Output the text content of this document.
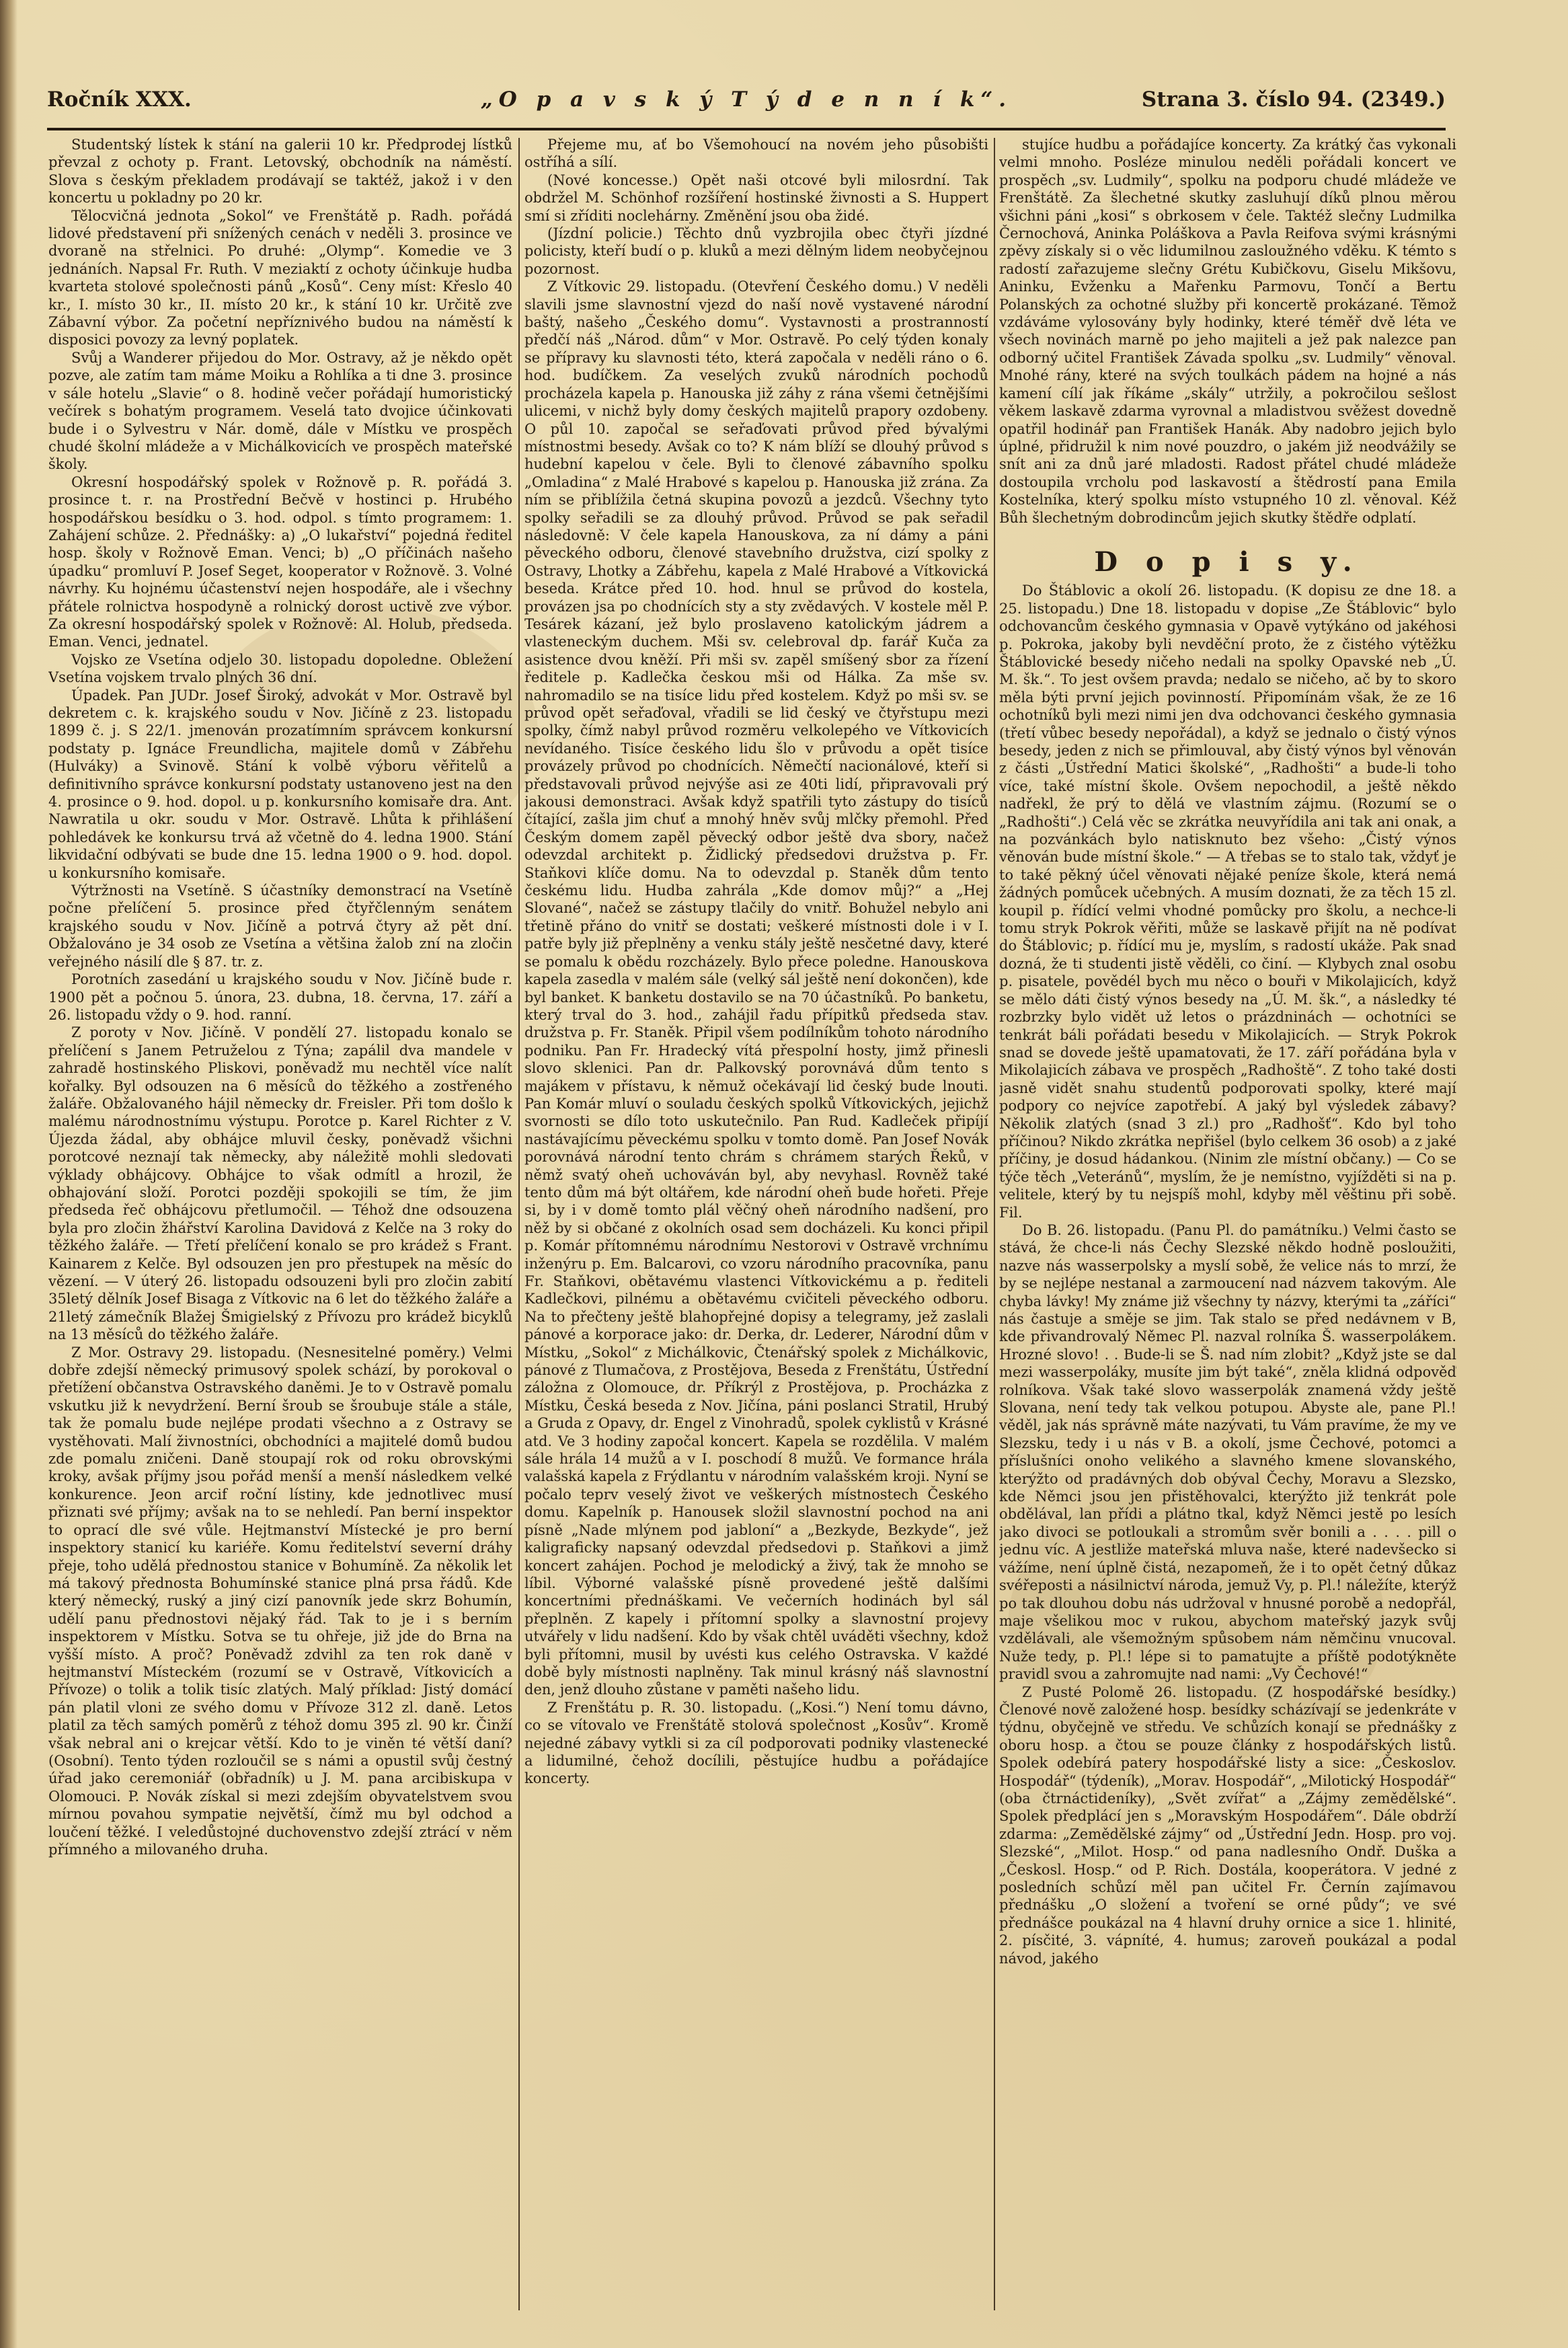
Ročník XXX.	„O p a v s k ý T ý d e n n í k“.	Strana 3. číslo 94. (2349.)

Studentský lístek k stání na galerii 10 kr. Předprodej lístků převzal z ochoty p. Frant. Letovský, obchodník na náměstí. Slova s českým překladem prodávají se taktéž, jakož i v den koncertu u pokladny po 20 kr.

Tělocvičná jednota „Sokol“ ve Frenštátě p. Radh. pořádá lidové představení při snížených cenách v neděli 3. prosince ve dvoraně na střelnici. Po druhé: „Olymp“. Komedie ve 3 jednáních. Napsal Fr. Ruth. V meziaktí z ochoty účinkuje hudba kvarteta stolové společnosti pánů „Kosů“. Ceny míst: Křeslo 40 kr., I. místo 30 kr., II. místo 20 kr., k stání 10 kr. Určitě zve Zábavní výbor. Za početní nepříznivého budou na náměstí k disposici povozy za levný poplatek.

Svůj a Wanderer přijedou do Mor. Ostravy, až je někdo opět pozve, ale zatím tam máme Moiku a Rohlíka a ti dne 3. prosince v sále hotelu „Slavie“ o 8. hodině večer pořádají humoristický večírek s bohatým programem. Veselá tato dvojice účinkovati bude i o Sylvestru v Nár. domě, dále v Místku ve prospěch chudé školní mládeže a v Michálkovicích ve prospěch mateřské školy.

Okresní hospodářský spolek v Rožnově p. R. pořádá 3. prosince t. r. na Prostřední Bečvě v hostinci p. Hrubého hospodářskou besídku o 3. hod. odpol. s tímto programem: 1. Zahájení schůze. 2. Přednášky: a) „O lukařství“ pojedná ředitel hosp. školy v Rožnově Eman. Venci; b) „O příčinách našeho úpadku“ promluví P. Josef Seget, kooperator v Rožnově. 3. Volné návrhy. Ku hojnému účastenství nejen hospodáře, ale i všechny přátele rolnictva hospodyně a rolnický dorost uctivě zve výbor. Za okresní hospodářský spolek v Rožnově: Al. Holub, předseda. Eman. Venci, jednatel.

Vojsko ze Vsetína odjelo 30. listopadu dopoledne. Obležení Vsetína vojskem trvalo plných 36 dní.

Úpadek. Pan JUDr. Josef Široký, advokát v Mor. Ostravě byl dekretem c. k. krajského soudu v Nov. Jičíně z 23. listopadu 1899 č. j. S 22/1. jmenován prozatímním správcem konkursní podstaty p. Ignáce Freundlicha, majitele domů v Zábřehu (Hulváky) a Svinově. Stání k volbě výboru věřitelů a definitivního správce konkursní podstaty ustanoveno jest na den 4. prosince o 9. hod. dopol. u p. konkursního komisaře dra. Ant. Nawratila u okr. soudu v Mor. Ostravě. Lhůta k přihlášení pohledávek ke konkursu trvá až včetně do 4. ledna 1900. Stání likvidační odbývati se bude dne 15. ledna 1900 o 9. hod. dopol. u konkursního komisaře.

Výtržnosti na Vsetíně. S účastníky demonstrací na Vsetíně počne přelíčení 5. prosince před čtyřčlenným senátem krajského soudu v Nov. Jičíně a potrvá čtyry až pět dní. Obžalováno je 34 osob ze Vsetína a většina žalob zní na zločin veřejného násilí dle § 87. tr. z.

Porotních zasedání u krajského soudu v Nov. Jičíně bude r. 1900 pět a počnou 5. února, 23. dubna, 18. června, 17. září a 26. listopadu vždy o 9. hod. ranní.

Z poroty v Nov. Jičíně. V pondělí 27. listopadu konalo se přelíčení s Janem Petruželou z Týna; zapálil dva mandele v zahradě hostinského Pliskovi, poněvadž mu nechtěl více nalít kořalky. Byl odsouzen na 6 měsíců do těžkého a zostřeného žaláře. Obžalovaného hájil německy dr. Freisler. Při tom došlo k malému národnostnímu výstupu. Porotce p. Karel Richter z V. Újezda žádal, aby obhájce mluvil česky, poněvadž všichni porotcové neznají tak německy, aby náležitě mohli sledovati výklady obhájcovy. Obhájce to však odmítl a hrozil, že obhajování složí. Porotci později spokojili se tím, že jim předseda řeč obhájcovu přetlumočil. — Téhož dne odsouzena byla pro zločin žhářství Karolina Davidová z Kelče na 3 roky do těžkého žaláře. — Třetí přelíčení konalo se pro krádež s Frant. Kainarem z Kelče. Byl odsouzen jen pro přestupek na měsíc do vězení. — V úterý 26. listopadu odsouzeni byli pro zločin zabití 35letý dělník Josef Bisaga z Vítkovic na 6 let do těžkého žaláře a 21letý zámečník Blažej Šmigielský z Přívozu pro krádež bicyklů na 13 měsíců do těžkého žaláře.

Z Mor. Ostravy 29. listopadu. (Nesnesitelné poměry.) Velmi dobře zdejší německý primusový spolek schází, by porokoval o přetížení občanstva Ostravského daněmi. Je to v Ostravě pomalu vskutku již k nevydržení. Berní šroub se šroubuje stále a stále, tak že pomalu bude nejlépe prodati všechno a z Ostravy se vystěhovati. Malí živnostníci, obchodníci a majitelé domů budou zde pomalu zničeni. Daně stoupají rok od roku obrovskými kroky, avšak příjmy jsou pořád menší a menší následkem velké konkurence. Jeon arcif roční lístiny, kde jednotlivec musí přiznati své příjmy; avšak na to se nehledí. Pan berní inspektor to oprací dle své vůle. Hejtmanství Místecké je pro berní inspektory stanicí ku kariéře. Komu ředitelství severní dráhy přeje, toho udělá přednostou stanice v Bohumíně. Za několik let má takový přednosta Bohumínské stanice plná prsa řádů. Kde který německý, ruský a jiný cizí panovník jede skrz Bohumín, udělí panu přednostovi nějaký řád. Tak to je i s berním inspektorem v Místku. Sotva se tu ohřeje, již jde do Brna na vyšší místo. A proč? Poněvadž zdvihl za ten rok daně v hejtmanství Místeckém (rozumí se v Ostravě, Vítkovicích a Přívoze) o tolik a tolik tisíc zlatých. Malý příklad: Jistý domácí pán platil vloni ze svého domu v Přívoze 312 zl. daně. Letos platil za těch samých poměrů z téhož domu 395 zl. 90 kr. Činží však nebral ani o krejcar větší. Kdo to je viněn té větší daní? (Osobní). Tento týden rozloučil se s námi a opustil svůj čestný úřad jako ceremoniář (obřadník) u J. M. pana arcibiskupa v Olomouci. P. Novák získal si mezi zdejším obyvatelstvem svou mírnou povahou sympatie největší, čímž mu byl odchod a loučení těžké. I veledůstojné duchovenstvo zdejší ztrácí v něm přímného a milovaného druha.

Přejeme mu, ať bo Všemohoucí na novém jeho působišti ostříhá a sílí.

(Nové koncesse.) Opět naši otcové byli milosrdní. Tak obdržel M. Schönhof rozšíření hostinské živnosti a S. Huppert smí si zříditi noclehárny. Změnění jsou oba židé.

(Jízdní policie.) Těchto dnů vyzbrojila obec čtyři jízdné policisty, kteří budí o p. kluků a mezi dělným lidem neobyčejnou pozornost.

Z Vítkovic 29. listopadu. (Otevření Českého domu.) V neděli slavili jsme slavnostní vjezd do naší nově vystavené národní baštý, našeho „Českého domu“. Vystavnosti a prostranností předčí náš „Národ. dům“ v Mor. Ostravě. Po celý týden konaly se přípravy ku slavnosti této, která započala v neděli ráno o 6. hod. budíčkem. Za veselých zvuků národních pochodů procházela kapela p. Hanouska již záhy z rána všemi četnějšími ulicemi, v nichž byly domy českých majitelů prapory ozdobeny. O půl 10. započal se seřaďovati průvod před bývalými místnostmi besedy. Avšak co to? K nám blíží se dlouhý průvod s hudební kapelou v čele. Byli to členové zábavního spolku „Omladina“ z Malé Hrabové s kapelou p. Hanouska již zrána. Za ním se přiblížila četná skupina povozů a jezdců. Všechny tyto spolky seřadili se za dlouhý průvod. Průvod se pak seřadil následovně: V čele kapela Hanouskova, za ní dámy a páni pěveckého odboru, členové stavebního družstva, cizí spolky z Ostravy, Lhotky a Zábřehu, kapela z Malé Hrabové a Vítkovická beseda. Krátce před 10. hod. hnul se průvod do kostela, provázen jsa po chodnících sty a sty zvědavých. V kostele měl P. Tesárek kázaní, jež bylo proslaveno katolickým jádrem a vlasteneckým duchem. Mši sv. celebroval dp. farář Kuča za asistence dvou kněží. Při mši sv. zapěl smíšený sbor za řízení ředitele p. Kadlečka českou mši od Hálka. Za mše sv. nahromadilo se na tisíce lidu před kostelem. Když po mši sv. se průvod opět seřaďoval, vřadili se lid český ve čtyřstupu mezi spolky, čímž nabyl průvod rozměru velkolepého ve Vítkovicích nevídaného. Tisíce českého lidu šlo v průvodu a opět tisíce provázely průvod po chodnících. Němečtí nacionálové, kteří si představovali průvod nejvýše asi ze 40ti lidí, připravovali prý jakousi demonstraci. Avšak když spatřili tyto zástupy do tisíců čítající, zašla jim chuť a mnohý hněv svůj mlčky přemohl. Před Českým domem zapěl pěvecký odbor ještě dva sbory, načež odevzdal architekt p. Židlický předsedovi družstva p. Fr. Staňkovi klíče domu. Na to odevzdal p. Staněk dům tento českému lidu. Hudba zahrála „Kde domov můj?“ a „Hej Slované“, načež se zástupy tlačily do vnitř. Bohužel nebylo ani třetině přáno do vnitř se dostati; veškeré místnosti dole i v I. patře byly již přeplněny a venku stály ještě nesčetné davy, které se pomalu k obědu rozcházely. Bylo přece poledne. Hanouskova kapela zasedla v malém sále (velký sál ještě není dokončen), kde byl banket. K banketu dostavilo se na 70 účastníků. Po banketu, který trval do 3. hod., zahájil řadu přípitků předseda stav. družstva p. Fr. Staněk. Připil všem podílníkům tohoto národního podniku. Pan Fr. Hradecký vítá přespolní hosty, jimž přinesli slovo sklenici. Pan dr. Palkovský porovnává dům tento s majákem v přístavu, k němuž očekávají lid český bude lnouti. Pan Komár mluví o souladu českých spolků Vítkovických, jejichž svornosti se dílo toto uskutečnilo. Pan Rud. Kadleček připíjí nastávajícímu pěveckému spolku v tomto domě. Pan Josef Novák porovnává národní tento chrám s chrámem starých Řeků, v němž svatý oheň uchováván byl, aby nevyhasl. Rovněž také tento dům má být oltářem, kde národní oheň bude hořeti. Přeje si, by i v domě tomto plál věčný oheň národního nadšení, pro něž by si občané z okolních osad sem docházeli. Ku konci připil p. Komár přítomnému národnímu Nestorovi v Ostravě vrchnímu inženýru p. Em. Balcarovi, co vzoru národního pracovníka, panu Fr. Staňkovi, obětavému vlastenci Vítkovickému a p. řediteli Kadlečkovi, pilnému a obětavému cvičiteli pěveckého odboru. Na to přečteny ještě blahopřejné dopisy a telegramy, jež zaslali pánové a korporace jako: dr. Derka, dr. Lederer, Národní dům v Místku, „Sokol“ z Michálkovic, Čtenářský spolek z Michálkovic, pánové z Tlumačova, z Prostějova, Beseda z Frenštátu, Ústřední záložna z Olomouce, dr. Příkrýl z Prostějova, p. Procházka z Místku, Česká beseda z Nov. Jičína, páni poslanci Stratil, Hrubý a Gruda z Opavy, dr. Engel z Vinohradů, spolek cyklistů v Krásné atd. Ve 3 hodiny započal koncert. Kapela se rozdělila. V malém sále hrála 14 mužů a v I. poschodí 8 mužů. Ve formance hrála valašská kapela z Frýdlantu v národním valašském kroji. Nyní se počalo teprv veselý život ve veškerých místnostech Českého domu. Kapelník p. Hanousek složil slavnostní pochod na ani písně „Nade mlýnem pod jabloní“ a „Bezkyde, Bezkyde“, jež kaligraficky napsaný odevzdal předsedovi p. Staňkovi a jimž koncert zahájen. Pochod je melodický a živý, tak že mnoho se líbil. Výborné valašské písně provedené ještě dalšími koncertními přednáškami. Ve večerních hodinách byl sál přeplněn. Z kapely i přítomní spolky a slavnostní projevy utvářely v lidu nadšení. Kdo by však chtěl uváděti všechny, kdož byli přítomni, musil by uvésti kus celého Ostravska. V každé době byly místnosti naplněny. Tak minul krásný náš slavnostní den, jenž dlouho zůstane v paměti našeho lidu.

Z Frenštátu p. R. 30. listopadu. („Kosi.“) Není tomu dávno, co se vítovalo ve Frenštátě stolová společnost „Kosův“. Kromě nejedné zábavy vytkli si za cíl podporovati podniky vlastenecké a lidumilné, čehož docílili, pěstujíce hudbu a pořádajíce koncerty.

stujíce hudbu a pořádajíce koncerty. Za krátký čas vykonali velmi mnoho. Posléze minulou neděli pořádali koncert ve prospěch „sv. Ludmily“, spolku na podporu chudé mládeže ve Frenštátě. Za šlechetné skutky zasluhují díků plnou měrou všichni páni „kosi“ s obrkosem v čele. Taktéž slečny Ludmilka Černochová, Aninka Poláškova a Pavla Reifova svými krásnými zpěvy získaly si o věc lidumilnou zasloužného vděku. K témto s radostí zařazujeme slečny Grétu Kubičkovu, Giselu Mikšovu, Aninku, Evženku a Mařenku Parmovu, Tončí a Bertu Polanských za ochotné služby při koncertě prokázané. Těmož vzdáváme vylosovány byly hodinky, které téměř dvě léta ve všech novinách marně po jeho majiteli a jež pak nalezce pan odborný učitel František Závada spolku „sv. Ludmily“ věnoval. Mnohé rány, které na svých toulkách pádem na hojné a nás kamení cílí jak říkáme „skály“ utržily, a pokročilou sešlost věkem laskavě zdarma vyrovnal a mladistvou svěžest dovedně opatřil hodinář pan František Hanák. Aby nadobro jejich bylo úplné, přidružil k nim nové pouzdro, o jakém již neodvážily se snít ani za dnů jaré mladosti. Radost přátel chudé mládeže dostoupila vrcholu pod laskavostí a štědrostí pana Emila Kostelníka, který spolku místo vstupného 10 zl. věnoval. Kéž Bůh šlechetným dobrodincům jejich skutky štědře odplatí.

D o p i s y.

Do Štáblovic a okolí 26. listopadu. (K dopisu ze dne 18. a 25. listopadu.) Dne 18. listopadu v dopise „Ze Štáblovic“ bylo odchovancům českého gymnasia v Opavě vytýkáno od jakéhosi p. Pokroka, jakoby byli nevděční proto, že z čistého výtěžku Štáblovické besedy ničeho nedali na spolky Opavské neb „Ú. M. šk.“. To jest ovšem pravda; nedalo se ničeho, ač by to skoro měla býti první jejich povinností. Připomínám však, že ze 16 ochotníků byli mezi nimi jen dva odchovanci českého gymnasia (třetí vůbec besedy nepořádal), a když se jednalo o čistý výnos besedy, jeden z nich se přimlouval, aby čistý výnos byl věnován z části „Ústřední Matici školské“, „Radhošti“ a bude-li toho více, také místní škole. Ovšem nepochodil, a ještě někdo nadřekl, že prý to dělá ve vlastním zájmu. (Rozumí se o „Radhošti“.) Celá věc se zkrátka neuvyřídila ani tak ani onak, a na pozvánkách bylo natisknuto bez všeho: „Čistý výnos věnován bude místní škole.“ — A třebas se to stalo tak, vždyť je to také pěkný účel věnovati nějaké peníze škole, která nemá žádných pomůcek učebných. A musím doznati, že za těch 15 zl. koupil p. řídící velmi vhodné pomůcky pro školu, a nechce-li tomu stryk Pokrok věřiti, může se laskavě přijít na ně podívat do Štáblovic; p. řídící mu je, myslím, s radostí ukáže. Pak snad dozná, že ti studenti jistě věděli, co činí. — Klybych znal osobu p. pisatele, povědél bych mu něco o bouři v Mikolajicích, když se mělo dáti čistý výnos besedy na „Ú. M. šk.“, a následky té rozbrzky bylo vidět už letos o prázdninách — ochotníci se tenkrát báli pořádati besedu v Mikolajicích. — Stryk Pokrok snad se dovede ještě upamatovati, že 17. září pořádána byla v Mikolajicích zábava ve prospěch „Radhoště“. Z toho také dosti jasně vidět snahu studentů podporovati spolky, které mají podpory co nejvíce zapotřebí. A jaký byl výsledek zábavy? Několik zlatých (snad 3 zl.) pro „Radhošť“. Kdo byl toho příčinou? Nikdo zkrátka nepřišel (bylo celkem 36 osob) a z jaké příčiny, je dosud hádankou. (Ninim zle místní občany.) — Co se týče těch „Veteránů“, myslím, že je nemístno, vyjížděti si na p. velitele, který by tu nejspíš mohl, kdyby měl věštinu při sobě. Fil.

Do B. 26. listopadu. (Panu Pl. do památníku.) Velmi často se stává, že chce-li nás Čechy Slezské někdo hodně posloužiti, nazve nás wasserpolsky a myslí sobě, že velice nás to mrzí, že by se nejlépe nestanal a zarmoucení nad názvem takovým. Ale chyba lávky! My známe již všechny ty názvy, kterými ta „záříci“ nás častuje a směje se jim. Tak stalo se před nedávnem v B, kde přivandrovalý Němec Pl. nazval rolníka Š. wasserpolákem. Hrozné slovo! . . Bude-li se Š. nad ním zlobit? „Když jste se dal mezi wasserpoláky, musíte jim být také“, zněla klidná odpověď rolníkova. Však také slovo wasserpolák znamená vždy ještě Slovana, není tedy tak velkou potupou. Abyste ale, pane Pl.! věděl, jak nás správně máte nazývati, tu Vám pravíme, že my ve Slezsku, tedy i u nás v B. a okolí, jsme Čechové, potomci a příslušníci onoho velikého a slavného kmene slovanského, kterýžto od pradávných dob obýval Čechy, Moravu a Slezsko, kde Němci jsou jen přistěhovalci, kterýžto již tenkrát pole obdělával, lan přídi a plátno tkal, když Němci jestě po lesích jako divoci se potloukali a stromům svěr bonili a . . . . pill o jednu víc. A jestliže mateřská mluva naše, které nadevšecko si vážíme, není úplně čistá, nezapomeň, že i to opět četný důkaz svéřeposti a násilnictví národa, jemuž Vy, p. Pl.! náležíte, kterýž po tak dlouhou dobu nás udržoval v hnusné porobě a nedopřál, maje všelikou moc v rukou, abychom mateřský jazyk svůj vzdělávali, ale všemožným spůsobem nám němčinu vnucoval. Nuže tedy, p. Pl.! lépe si to pamatujte a příště podotýkněte pravidl svou a zahromujte nad nami: „Vy Čechové!“

Z Pusté Polomě 26. listopadu. (Z hospodářské besídky.) Členové nově založené hosp. besídky scházívají se jedenkráte v týdnu, obyčejně ve středu. Ve schůzích konají se přednášky z oboru hosp. a čtou se pouze články z hospodářských listů. Spolek odebírá patery hospodářské listy a sice: „Českoslov. Hospodář“ (týdeník), „Morav. Hospodář“, „Milotický Hospodář“ (oba čtrnáctideníky), „Svět zvířat“ a „Zájmy zemědělské“. Spolek předplácí jen s „Moravským Hospodářem“. Dále obdrží zdarma: „Zemědělské zájmy“ od „Ústřední Jedn. Hosp. pro voj. Slezské“, „Milot. Hosp.“ od pana nadlesního Ondř. Duška a „Českosl. Hosp.“ od P. Rich. Dostála, kooperátora. V jedné z posledních schůzí měl pan učitel Fr. Černín zajímavou přednášku „O složení a tvoření se orné půdy“; ve své přednášce poukázal na 4 hlavní druhy ornice a sice 1. hlinité, 2. písčité, 3. vápníté, 4. humus; zaroveň poukázal a podal návod, jakého
